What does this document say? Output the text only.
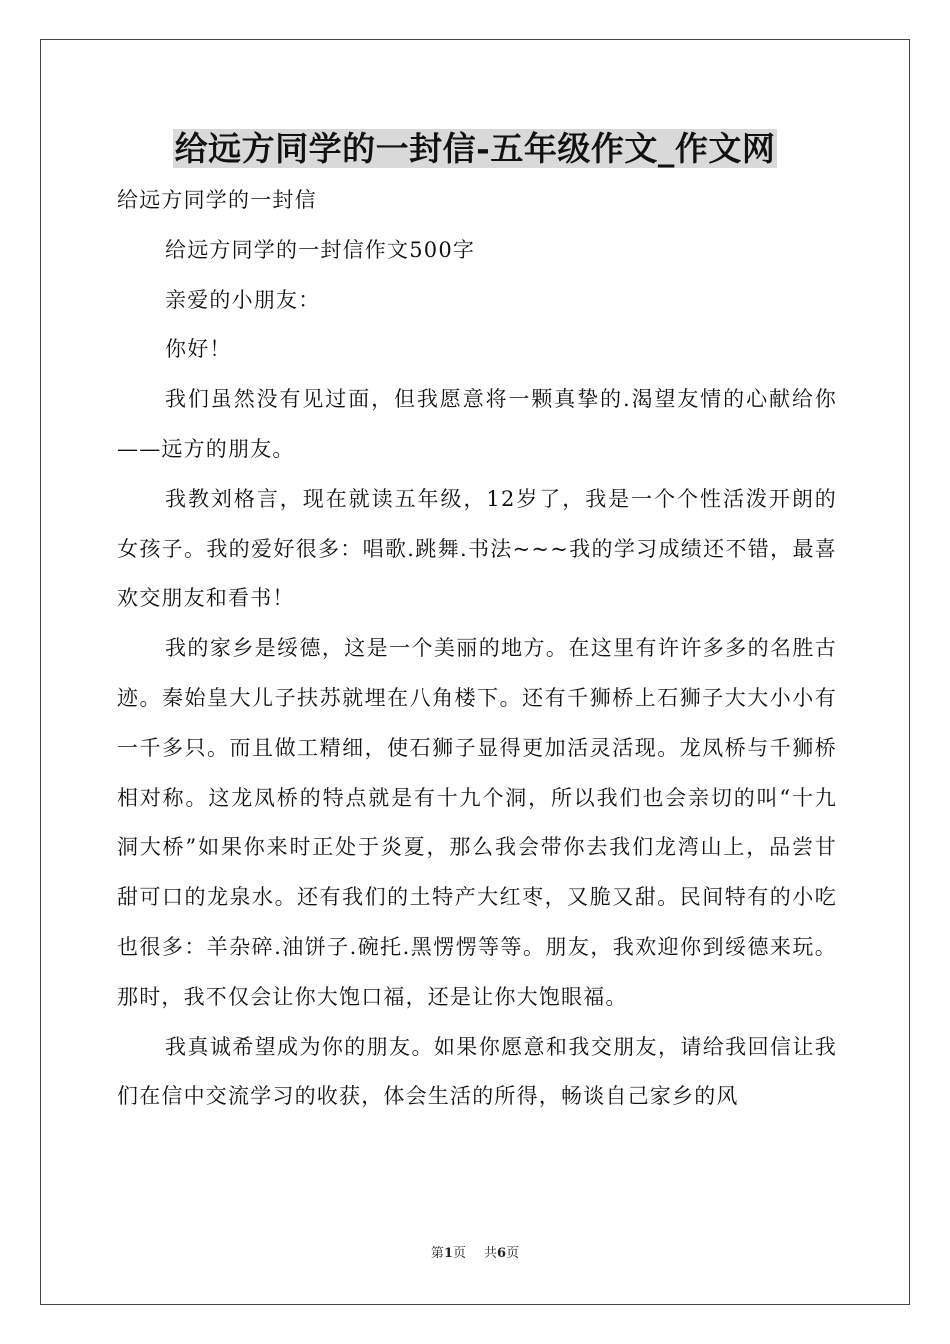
给远方同学的一封信-五年级作文_作文网

给远方同学的一封信

给远方同学的一封信作文500字

亲爱的小朋友：

你好！

我们虽然没有见过面，但我愿意将一颗真挚的.渴望友情的心献给你——远方的朋友。

我教刘格言，现在就读五年级，12岁了，我是一个个性活泼开朗的女孩子。我的爱好很多：唱歌.跳舞.书法~~~我的学习成绩还不错，最喜欢交朋友和看书！

我的家乡是绥德，这是一个美丽的地方。在这里有许许多多的名胜古迹。秦始皇大儿子扶苏就埋在八角楼下。还有千狮桥上石狮子大大小小有一千多只。而且做工精细，使石狮子显得更加活灵活现。龙凤桥与千狮桥相对称。这龙凤桥的特点就是有十九个洞，所以我们也会亲切的叫“十九洞大桥”如果你来时正处于炎夏，那么我会带你去我们龙湾山上，品尝甘甜可口的龙泉水。还有我们的土特产大红枣，又脆又甜。民间特有的小吃也很多：羊杂碎.油饼子.碗托.黑愣愣等等。朋友，我欢迎你到绥德来玩。那时，我不仅会让你大饱口福，还是让你大饱眼福。

我真诚希望成为你的朋友。如果你愿意和我交朋友，请给我回信让我们在信中交流学习的收获，体会生活的所得，畅谈自己家乡的风

第1页 共6页
